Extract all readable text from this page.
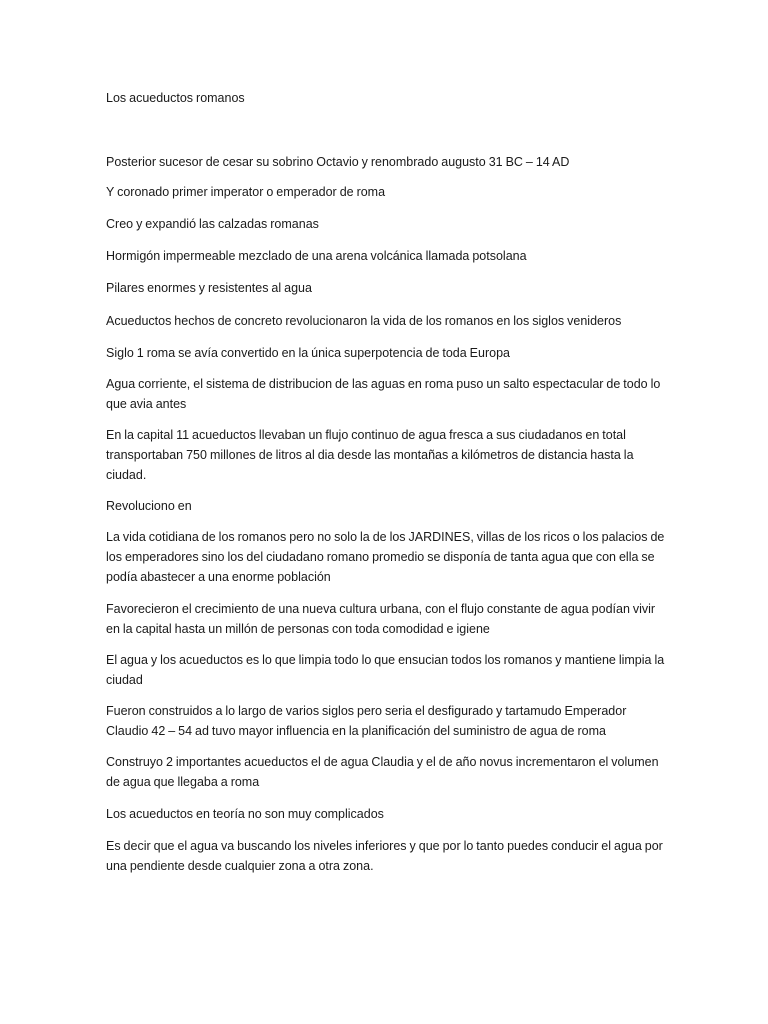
Los acueductos romanos

Posterior sucesor de cesar su sobrino Octavio y renombrado augusto 31 BC – 14 AD

Y coronado primer imperator o emperador de roma

Creo y expandió las calzadas romanas

Hormigón impermeable mezclado de una arena volcánica llamada potsolana

Pilares enormes y resistentes al agua

Acueductos hechos de concreto revolucionaron la vida de los romanos en los siglos venideros

Siglo 1 roma se avía convertido en la única superpotencia de toda Europa

Agua corriente, el sistema de distribucion de las aguas en roma puso un salto espectacular de todo lo que avia antes

En la capital 11 acueductos llevaban un flujo continuo de agua fresca a sus ciudadanos en total transportaban 750 millones de litros al dia desde las montañas a kilómetros de distancia hasta la ciudad.

Revoluciono en

La vida cotidiana de los romanos pero no solo la de los JARDINES, villas de los ricos o los palacios de los emperadores sino los del ciudadano romano promedio se disponía de tanta agua que con ella se podía abastecer a una enorme población

Favorecieron el crecimiento de una nueva cultura urbana, con el flujo constante de agua podían vivir en la capital hasta un millón de personas con toda comodidad e igiene

El agua y los acueductos es lo que limpia todo lo que ensucian todos los romanos y mantiene limpia la ciudad

Fueron construidos a lo largo de varios siglos pero seria el desfigurado y tartamudo Emperador Claudio 42 – 54 ad tuvo mayor influencia en la planificación del suministro de agua de roma

Construyo 2 importantes acueductos el de agua Claudia y el de año novus incrementaron el volumen de agua que llegaba a roma

Los acueductos en teoría no son muy complicados

Es decir que el agua va buscando los niveles inferiores y que por lo tanto puedes conducir el agua por una pendiente desde cualquier zona a otra zona.
